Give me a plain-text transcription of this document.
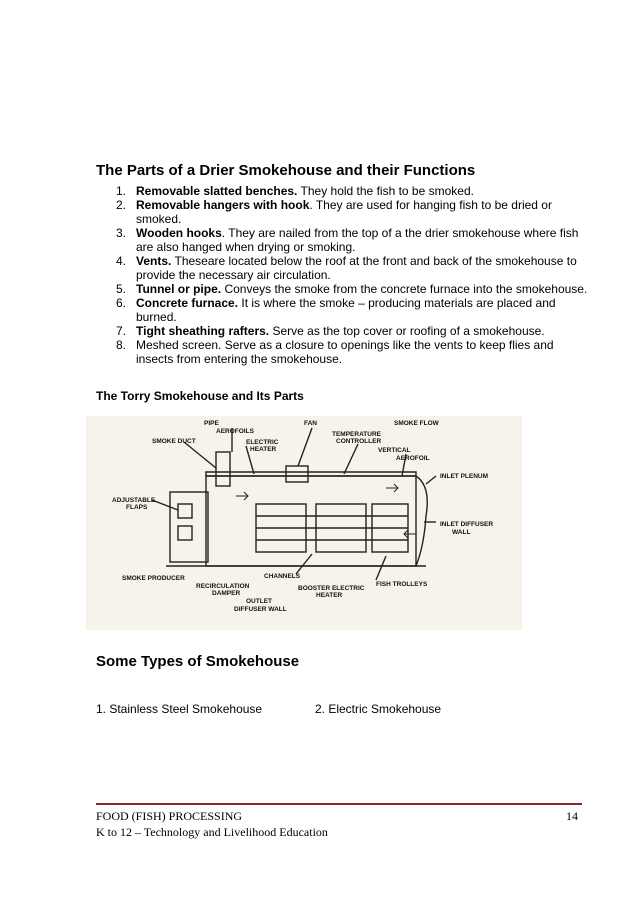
The Parts of a Drier Smokehouse and their Functions
1. Removable slatted benches. They hold the fish to be smoked.
2. Removable hangers with hook. They are used for hanging fish to be dried or
smoked.
3. Wooden hooks. They are nailed from the top of a the drier smokehouse where fish
are also hanged when drying or smoking.
4. Vents. Theseare located below the roof at the front and back of the smokehouse to
provide the necessary air circulation.
5. Tunnel or pipe. Conveys the smoke from the concrete furnace into the smokehouse.
6. Concrete furnace. It is where the smoke – producing materials are placed and
burned.
7. Tight sheathing rafters. Serve as the top cover or roofing of a smokehouse.
8. Meshed screen. Serve as a closure to openings like the vents to keep flies and
insects from entering the smokehouse.
The Torry Smokehouse and Its Parts
PIPE
AEROFOILS
FAN	SMOKE FLOW
SMOKE DUCT	ELECTRIC
HEATER
TEMPERATURE
CONTROLLER
VERTICAL
AEROFOIL
INLET PLENUM
ADJUSTABLE
FLAPS
INLET DIFFUSER
WALL
SMOKE PRODUCER	CHANNELS
FISH TROLLEYS
RECIRCULATION
DAMPER
BOOSTER ELECTRIC
HEATER
OUTLET
DIFFUSER WALL
Some Types of Smokehouse
1. Stainless Steel Smokehouse	2. Electric Smokehouse
FOOD (FISH) PROCESSING
K to 12 – Technology and Livelihood Education
14
